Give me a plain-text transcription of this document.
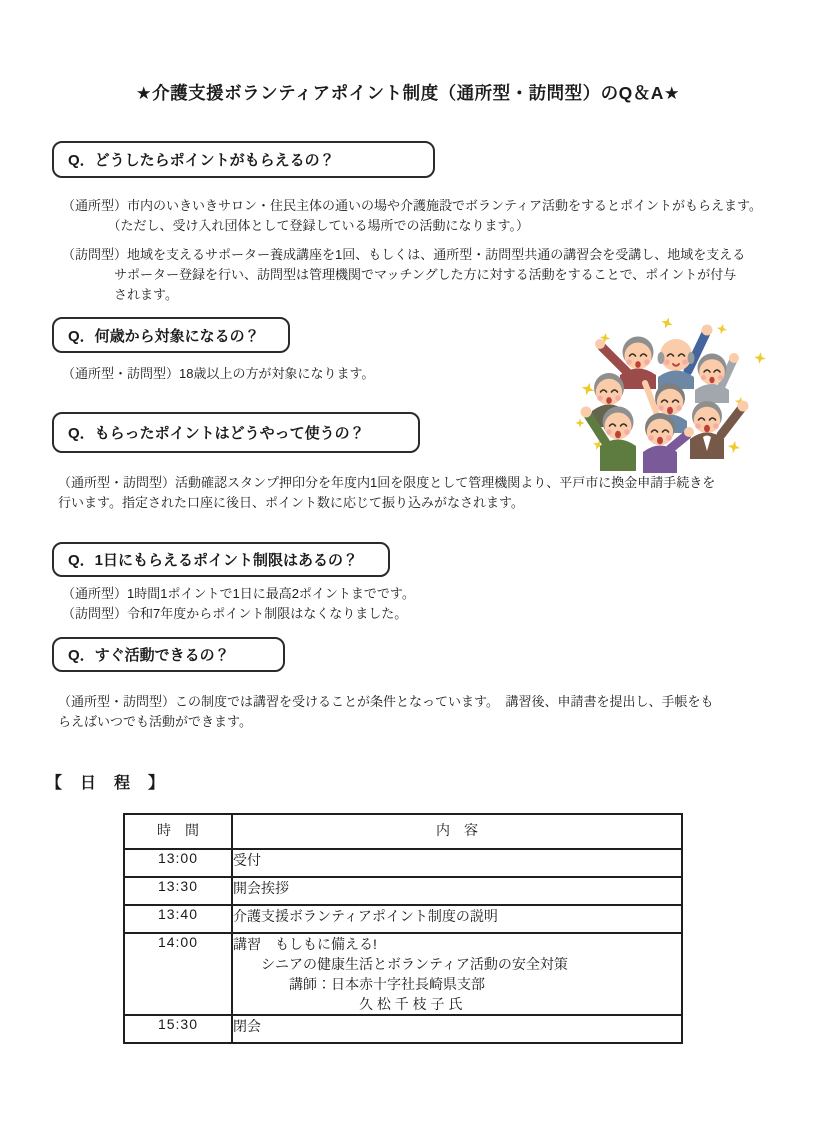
★介護支援ボランティアポイント制度（通所型・訪問型）のQ＆A★
Q．どうしたらポイントがもらえるの？
（通所型）市内のいきいきサロン・住民主体の通いの場や介護施設でボランティア活動をするとポイントがもらえます。
　　　　（ただし、受け入れ団体として登録している場所での活動になります。）
（訪問型）地域を支えるサポーター養成講座を1回、もしくは、通所型・訪問型共通の講習会を受講し、地域を支える
　　　　サポーター登録を行い、訪問型は管理機関でマッチングした方に対する活動をすることで、ポイントが付与
　　　　されます。
Q．何歳から対象になるの？
（通所型・訪問型）18歳以上の方が対象になります。
Q．もらったポイントはどうやって使うの？
（通所型・訪問型）活動確認スタンプ押印分を年度内1回を限度として管理機関より、平戸市に換金申請手続きを
行います。指定された口座に後日、ポイント数に応じて振り込みがなされます。
Q．1日にもらえるポイント制限はあるの？
（通所型）1時間1ポイントで1日に最高2ポイントまでです。
（訪問型）令和7年度からポイント制限はなくなりました。
Q．すぐ活動できるの？
（通所型・訪問型）この制度では講習を受けることが条件となっています。　講習後、申請書を提出し、手帳をも
らえばいつでも活動ができます。
【　日　程　】
時　間	内　容
13:00	受付

13:30	開会挨拶

13:40	介護支援ボランティアポイント制度の説明

14:00	講習　もしもに備える!
　　シニアの健康生活とボランティア活動の安全対策
　　　　講師：日本赤十字社長崎県支部
　　　　　　　　　久 松 千 枝 子 氏

15:30	閉会
